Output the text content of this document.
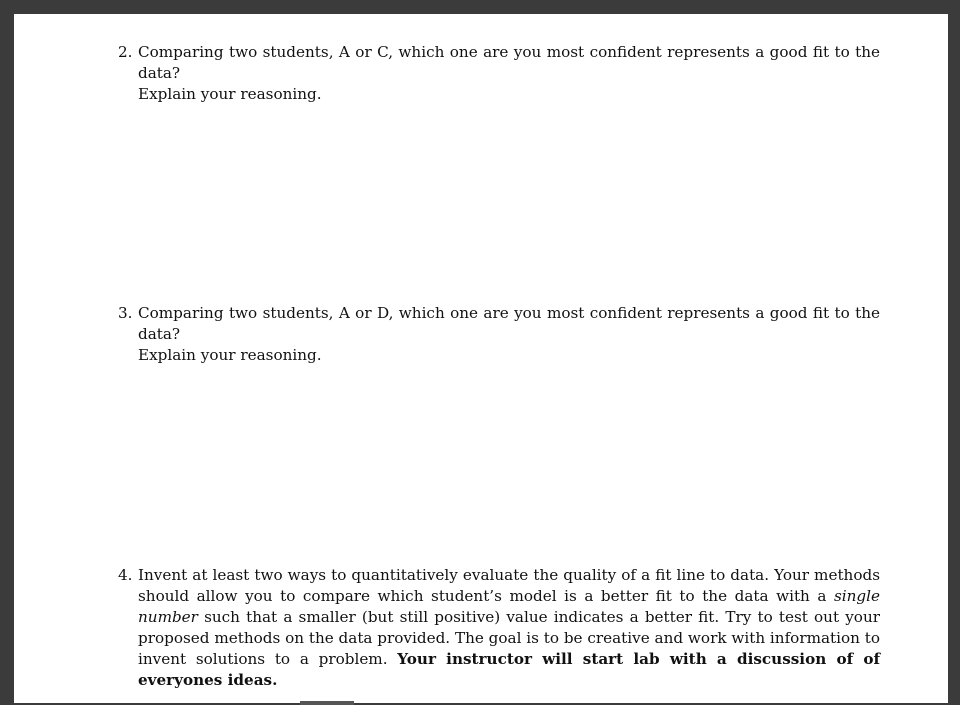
2. Comparing two students, A or C, which one are you most confident represents a good fit to the data?
Explain your reasoning.
3. Comparing two students, A or D, which one are you most confident represents a good fit to the data?
Explain your reasoning.
4. Invent at least two ways to quantitatively evaluate the quality of a fit line to data. Your methods should allow you to compare which student’s model is a better fit to the data with a single number such that a smaller (but still positive) value indicates a better fit. Try to test out your proposed methods on the data provided. The goal is to be creative and work with information to invent solutions to a problem. Your instructor will start lab with a discussion of of everyones ideas.
